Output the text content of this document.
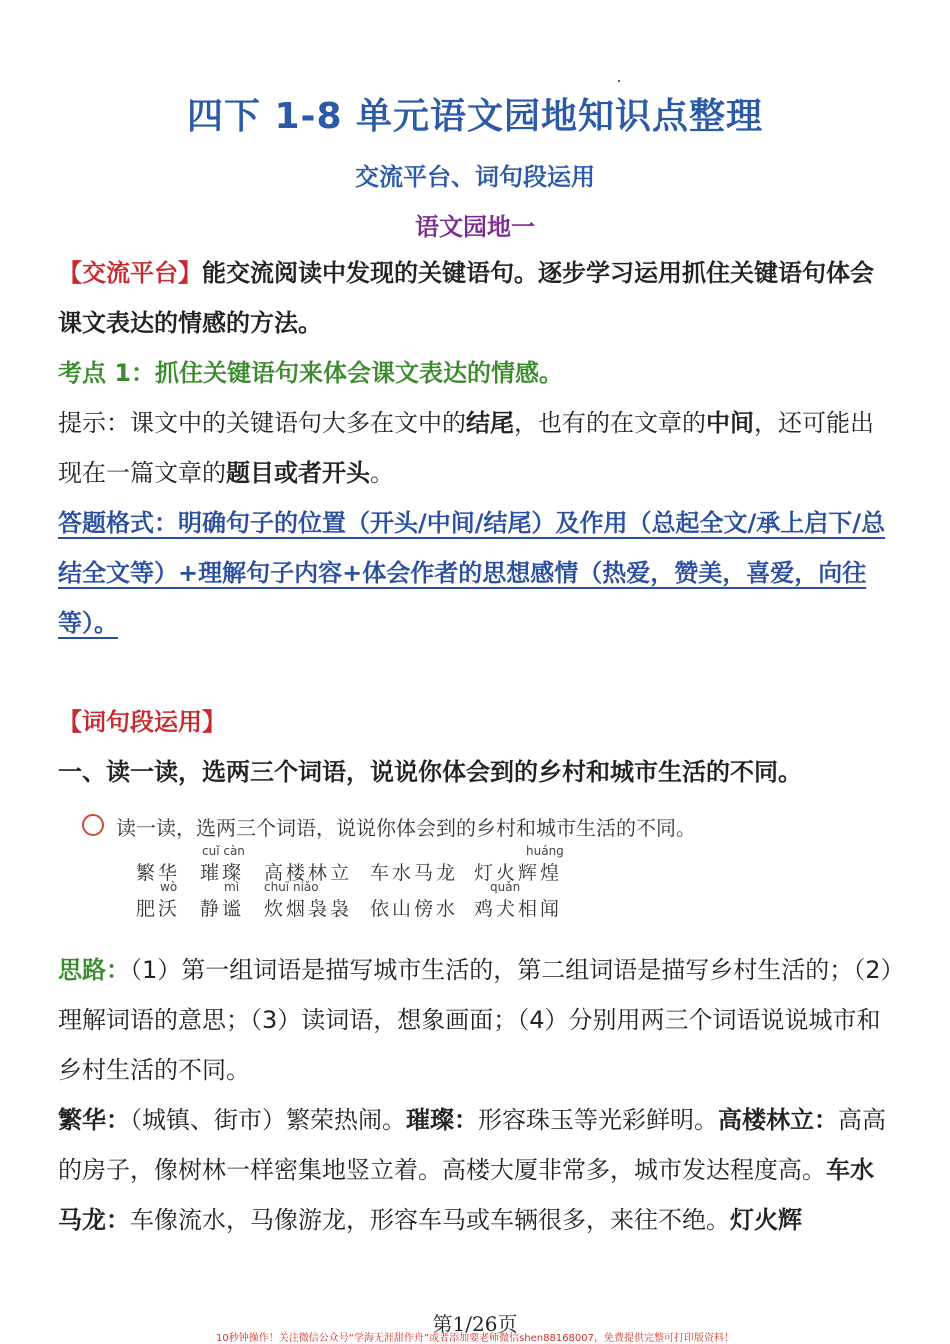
四下 1-8 单元语文园地知识点整理
交流平台、词句段运用
语文园地一
【交流平台】能交流阅读中发现的关键语句。逐步学习运用抓住关键语句体会课文表达的情感的方法。
考点 1：抓住关键语句来体会课文表达的情感。
提示：课文中的关键语句大多在文中的结尾，也有的在文章的中间，还可能出现在一篇文章的题目或者开头。
答题格式：明确句子的位置（开头/中间/结尾）及作用（总起全文/承上启下/总结全文等）+理解句子内容+体会作者的思想感情（热爱，赞美，喜爱，向往等）。
【词句段运用】
一、读一读，选两三个词语，说说你体会到的乡村和城市生活的不同。
读一读，选两三个词语，说说你体会到的乡村和城市生活的不同。
cuǐ càn	huáng
繁华 璀璨 高楼林立 车水马龙 灯火辉煌
wò	mì chuī niǎo	quǎn
肥沃 静谧 炊烟袅袅 依山傍水 鸡犬相闻
思路：（1）第一组词语是描写城市生活的，第二组词语是描写乡村生活的；（2）理解词语的意思；（3）读词语，想象画面；（4）分别用两三个词语说说城市和乡村生活的不同。
繁华：（城镇、街市）繁荣热闹。璀璨：形容珠玉等光彩鲜明。高楼林立：高高的房子，像树林一样密集地竖立着。高楼大厦非常多，城市发达程度高。车水马龙：车像流水，马像游龙，形容车马或车辆很多，来往不绝。灯火辉
第1/26页
10秒钟操作！关注微信公众号“学海无涯甜作舟”或者添加要老师微信shen88168007，免费提供完整可打印版资料！
